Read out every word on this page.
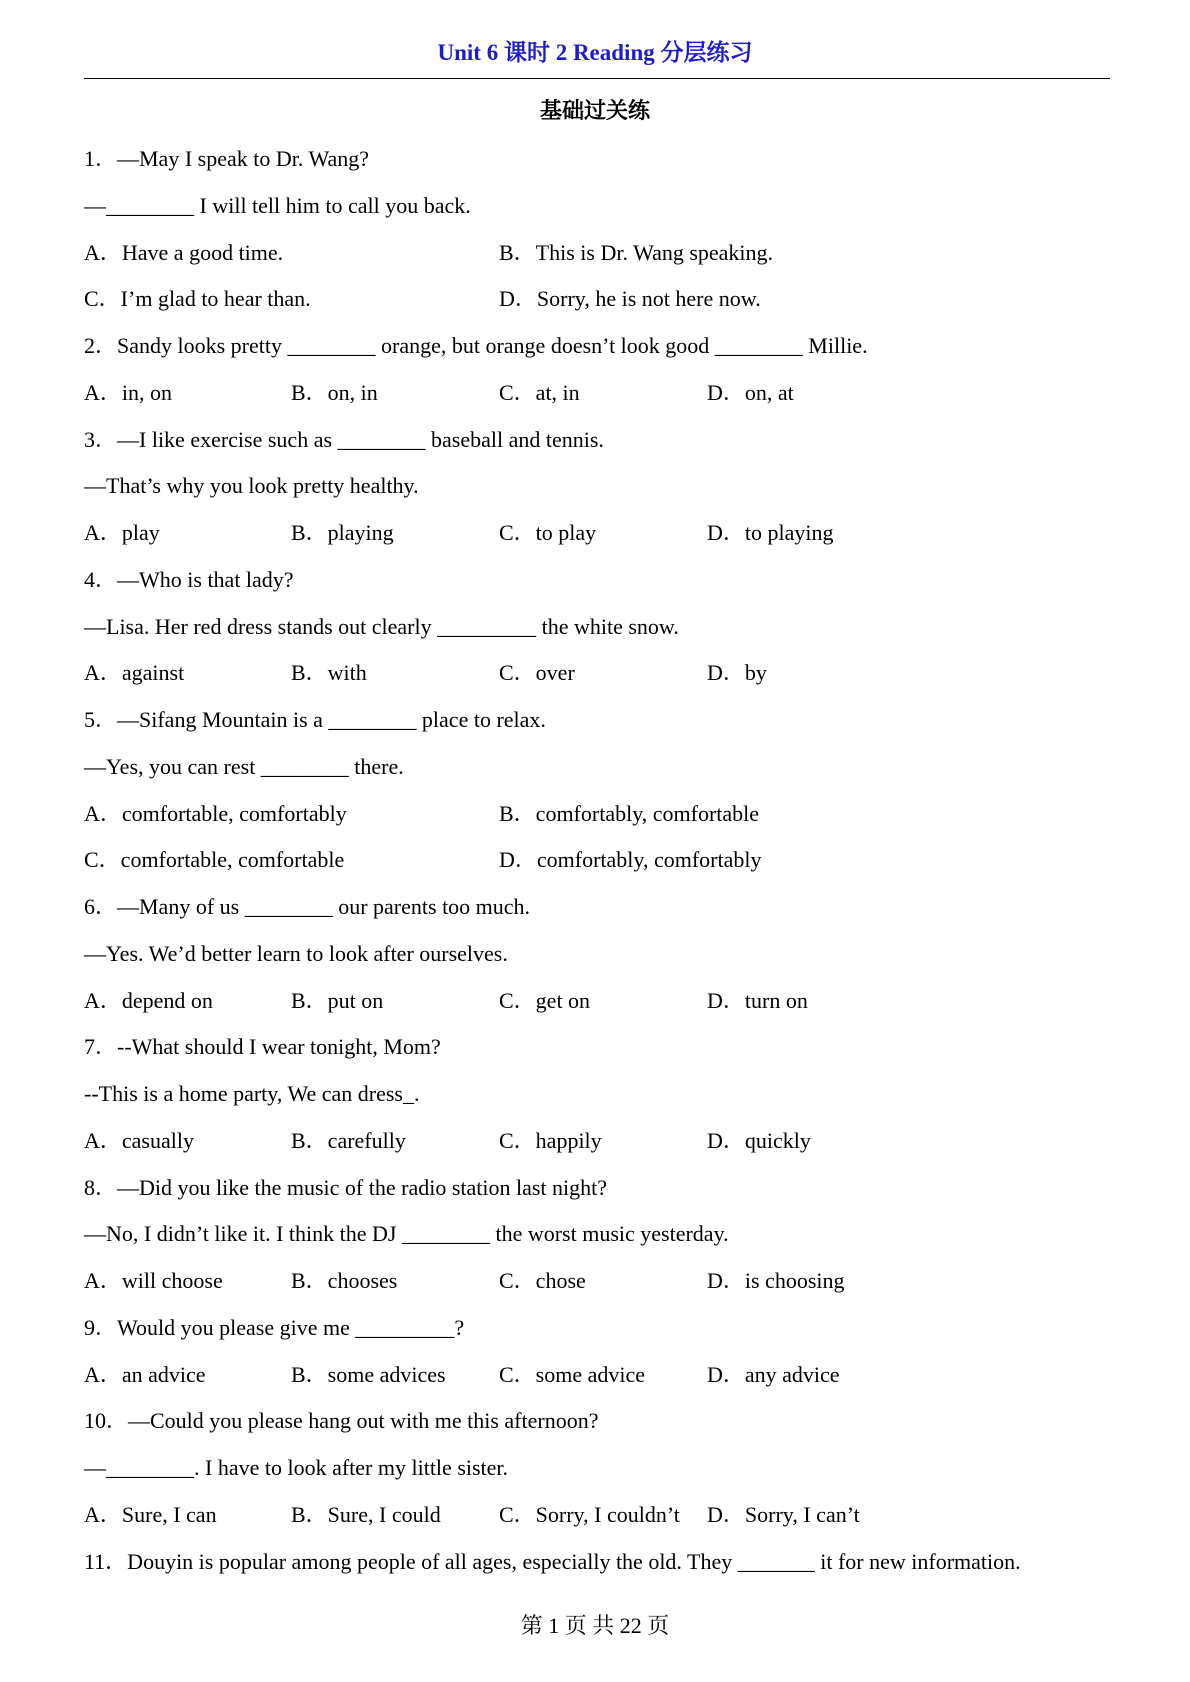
Unit 6 课时 2 Reading 分层练习
基础过关练
1．—May I speak to Dr. Wang?
—________ I will tell him to call you back.
A．Have a good time.	B．This is Dr. Wang speaking.
C．I’m glad to hear than.	D．Sorry, he is not here now.
2．Sandy looks pretty ________ orange, but orange doesn’t look good ________ Millie.
A．in, on	B．on, in	C．at, in	D．on, at
3．—I like exercise such as ________ baseball and tennis.
—That’s why you look pretty healthy.
A．play	B．playing	C．to play	D．to playing
4．—Who is that lady?
—Lisa. Her red dress stands out clearly _________ the white snow.
A．against	B．with	C．over	D．by
5．—Sifang Mountain is a ________ place to relax.
—Yes, you can rest ________ there.
A．comfortable, comfortably	B．comfortably, comfortable
C．comfortable, comfortable	D．comfortably, comfortably
6．—Many of us ________ our parents too much.
—Yes. We’d better learn to look after ourselves.
A．depend on	B．put on	C．get on	D．turn on
7．--What should I wear tonight, Mom?
--This is a home party, We can dress_.
A．casually	B．carefully	C．happily	D．quickly
8．—Did you like the music of the radio station last night?
—No, I didn’t like it. I think the DJ ________ the worst music yesterday.
A．will choose	B．chooses	C．chose	D．is choosing
9．Would you please give me _________?
A．an advice	B．some advices C．some advice	D．any advice
10．—Could you please hang out with me this afternoon?
—________. I have to look after my little sister.
A．Sure, I can	B．Sure, I could	C．Sorry, I couldn’t D．Sorry, I can’t
11．Douyin is popular among people of all ages, especially the old. They _______ it for new information.
第 1 页 共 22 页
